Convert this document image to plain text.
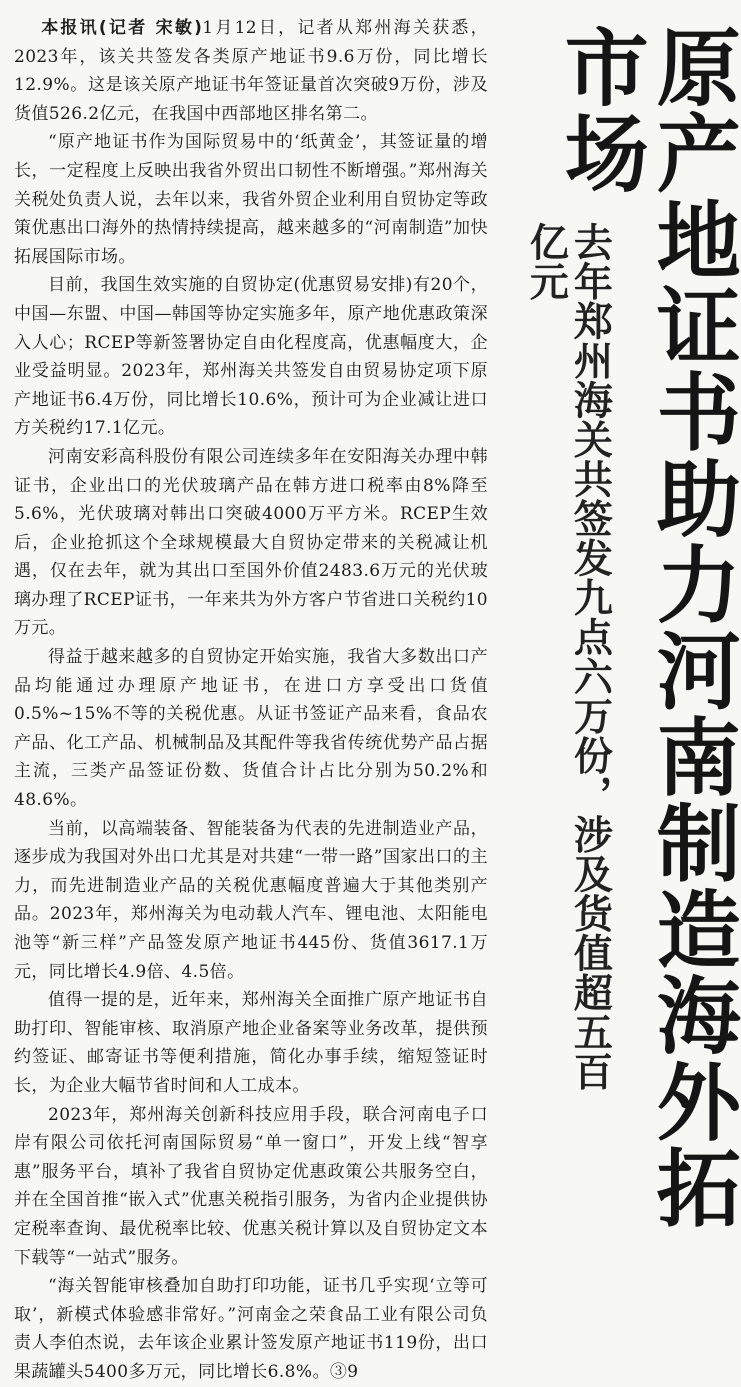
原产地证书助力河南制造海外拓市场
去年郑州海关共签发九点六万份，涉及货值超五百亿元

本报讯(记者 宋敏)1月12日，记者从郑州海关获悉，2023年，该关共签发各类原产地证书9.6万份，同比增长12.9%。这是该关原产地证书年签证量首次突破9万份，涉及货值526.2亿元，在我国中西部地区排名第二。

“原产地证书作为国际贸易中的‘纸黄金’，其签证量的增长，一定程度上反映出我省外贸出口韧性不断增强。”郑州海关关税处负责人说，去年以来，我省外贸企业利用自贸协定等政策优惠出口海外的热情持续提高，越来越多的“河南制造”加快拓展国际市场。

目前，我国生效实施的自贸协定(优惠贸易安排)有20个，中国—东盟、中国—韩国等协定实施多年，原产地优惠政策深入人心；RCEP等新签署协定自由化程度高，优惠幅度大，企业受益明显。2023年，郑州海关共签发自由贸易协定项下原产地证书6.4万份，同比增长10.6%，预计可为企业减让进口方关税约17.1亿元。

河南安彩高科股份有限公司连续多年在安阳海关办理中韩证书，企业出口的光伏玻璃产品在韩方进口税率由8%降至5.6%，光伏玻璃对韩出口突破4000万平方米。RCEP生效后，企业抢抓这个全球规模最大自贸协定带来的关税减让机遇，仅在去年，就为其出口至国外价值2483.6万元的光伏玻璃办理了RCEP证书，一年来共为外方客户节省进口关税约10万元。

得益于越来越多的自贸协定开始实施，我省大多数出口产品均能通过办理原产地证书，在进口方享受出口货值0.5%~15%不等的关税优惠。从证书签证产品来看，食品农产品、化工产品、机械制品及其配件等我省传统优势产品占据主流，三类产品签证份数、货值合计占比分别为50.2%和48.6%。

当前，以高端装备、智能装备为代表的先进制造业产品，逐步成为我国对外出口尤其是对共建“一带一路”国家出口的主力，而先进制造业产品的关税优惠幅度普遍大于其他类别产品。2023年，郑州海关为电动载人汽车、锂电池、太阳能电池等“新三样”产品签发原产地证书445份、货值3617.1万元，同比增长4.9倍、4.5倍。

值得一提的是，近年来，郑州海关全面推广原产地证书自助打印、智能审核、取消原产地企业备案等业务改革，提供预约签证、邮寄证书等便利措施，简化办事手续，缩短签证时长，为企业大幅节省时间和人工成本。

2023年，郑州海关创新科技应用手段，联合河南电子口岸有限公司依托河南国际贸易“单一窗口”，开发上线“智享惠”服务平台，填补了我省自贸协定优惠政策公共服务空白，并在全国首推“嵌入式”优惠关税指引服务，为省内企业提供协定税率查询、最优税率比较、优惠关税计算以及自贸协定文本下载等“一站式”服务。

“海关智能审核叠加自助打印功能，证书几乎实现‘立等可取’，新模式体验感非常好。”河南金之荣食品工业有限公司负责人李伯杰说，去年该企业累计签发原产地证书119份，出口果蔬罐头5400多万元，同比增长6.8%。③9
